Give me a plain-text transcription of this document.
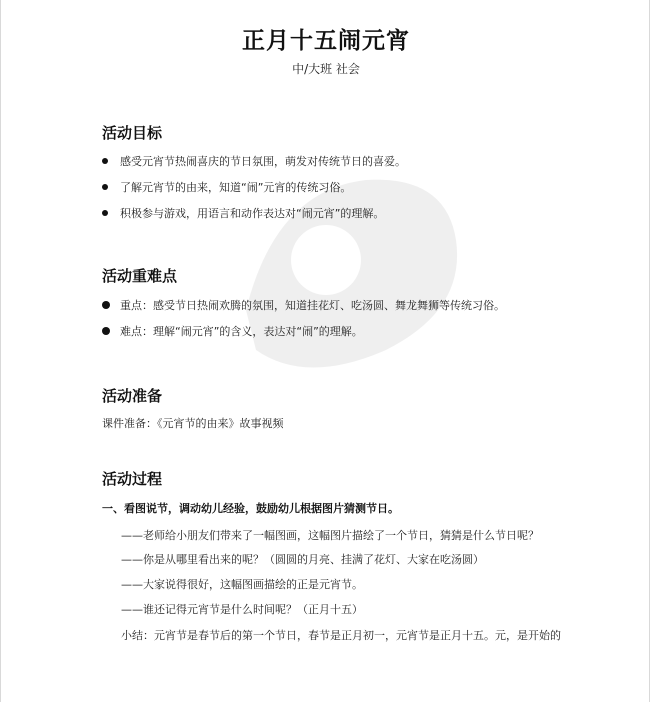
正月十五闹元宵
中/大班 社会
活动目标
感受元宵节热闹喜庆的节日氛围，萌发对传统节日的喜爱。
了解元宵节的由来，知道“闹”元宵的传统习俗。
积极参与游戏，用语言和动作表达对“闹元宵”的理解。
活动重难点
重点：感受节日热闹欢腾的氛围，知道挂花灯、吃汤圆、舞龙舞狮等传统习俗。
难点：理解“闹元宵”的含义，表达对“闹”的理解。
活动准备
课件准备：《元宵节的由来》故事视频
活动过程
一、看图说节，调动幼儿经验，鼓励幼儿根据图片猜测节日。
——老师给小朋友们带来了一幅图画，这幅图片描绘了一个节日，猜猜是什么节日呢？
——你是从哪里看出来的呢？（圆圆的月亮、挂满了花灯、大家在吃汤圆）
——大家说得很好，这幅图画描绘的正是元宵节。
——谁还记得元宵节是什么时间呢？（正月十五）
小结：元宵节是春节后的第一个节日，春节是正月初一，元宵节是正月十五。元，是开始的
